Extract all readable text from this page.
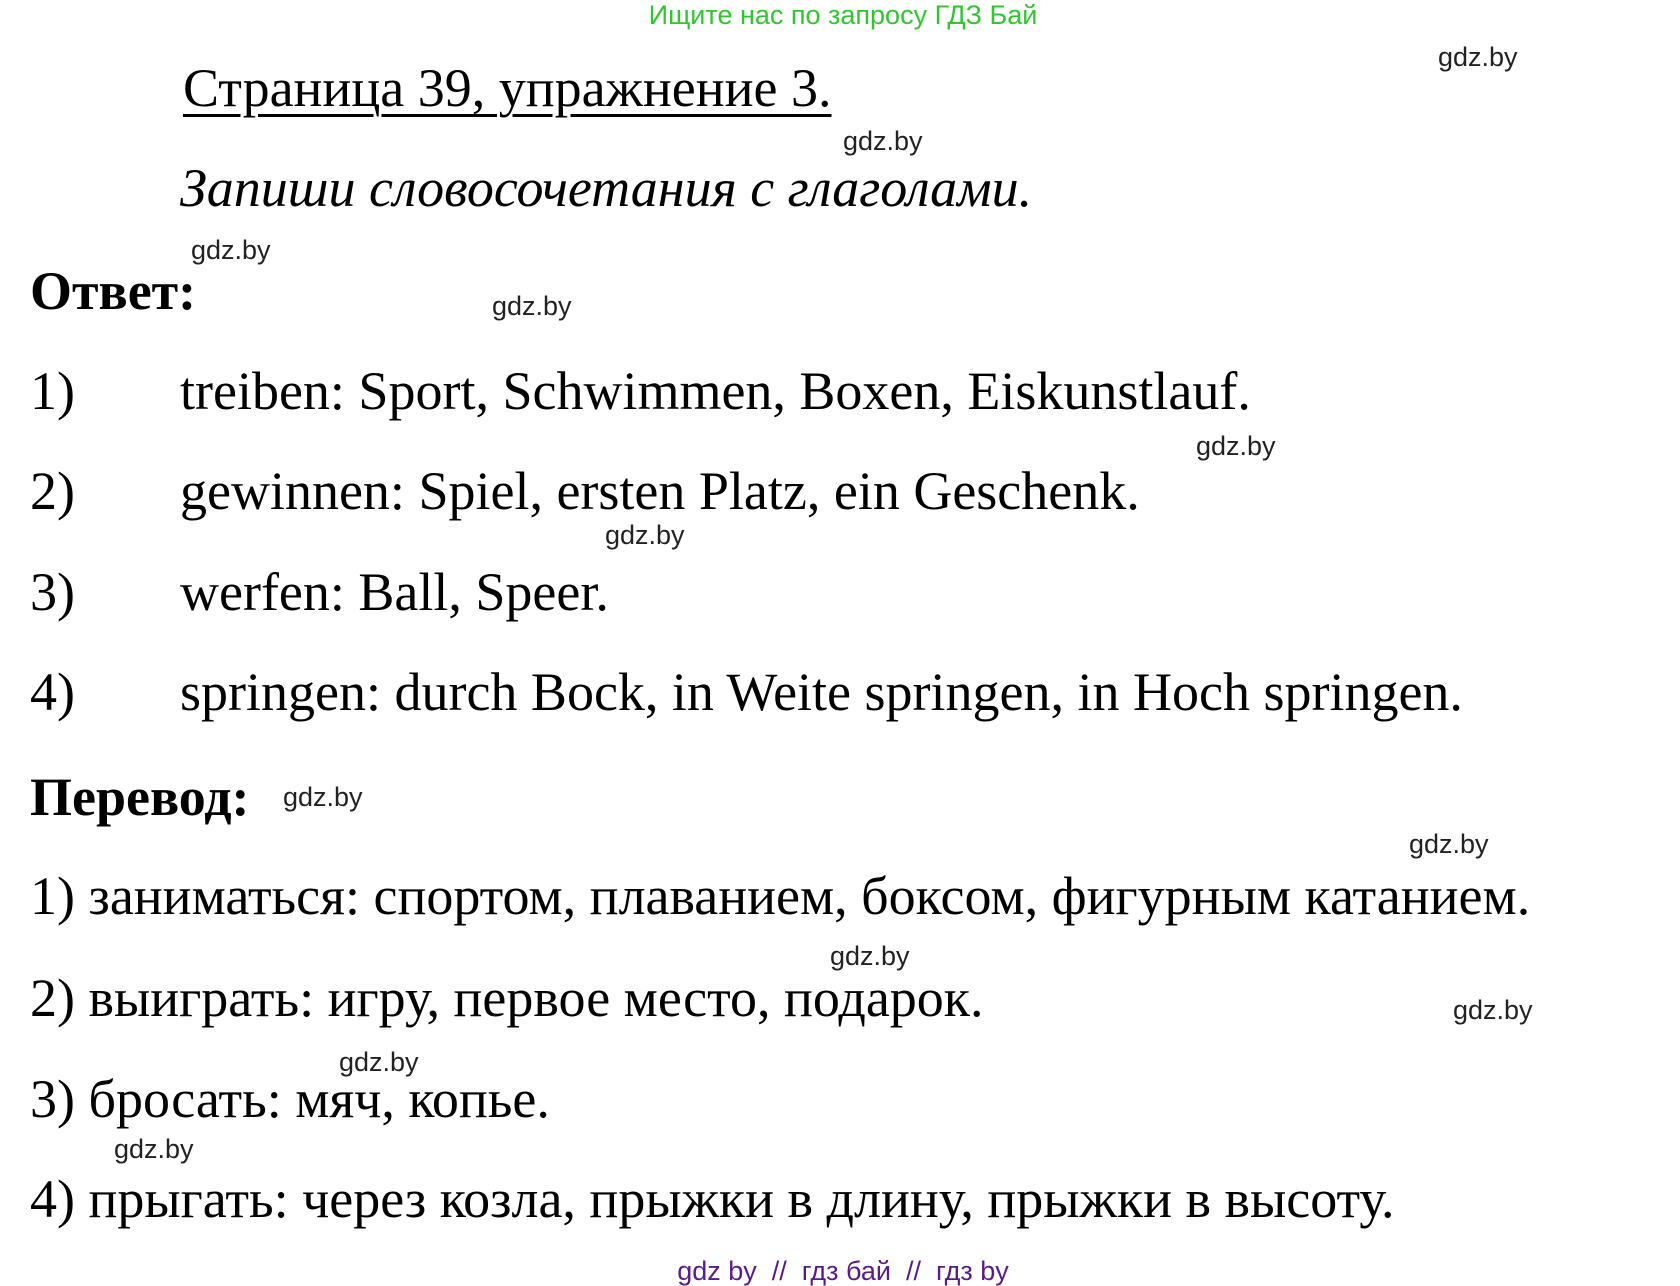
Ищите нас по запросу ГДЗ Бай
gdz.by
Страница 39, упражнение 3.
gdz.by
Запиши словосочетания с глаголами.
gdz.by
Ответ:	gdz.by
1) treiben: Sport, Schwimmen, Boxen, Eiskunstlauf.
gdz.by
2) gewinnen: Spiel, ersten Platz, ein Geschenk.
gdz.by
3) werfen: Ball, Speer.
4) springen: durch Bock, in Weite springen, in Hoch springen.
Перевод: gdz.by
gdz.by
1) заниматься: спортом, плаванием, боксом, фигурным катанием.
gdz.by
2) выиграть: игру, первое место, подарок.	gdz.by
gdz.by
3) бросать: мяч, копье.
gdz.by
4) прыгать: через козла, прыжки в длину, прыжки в высоту.
gdz by  //  гдз бай  //  гдз by
